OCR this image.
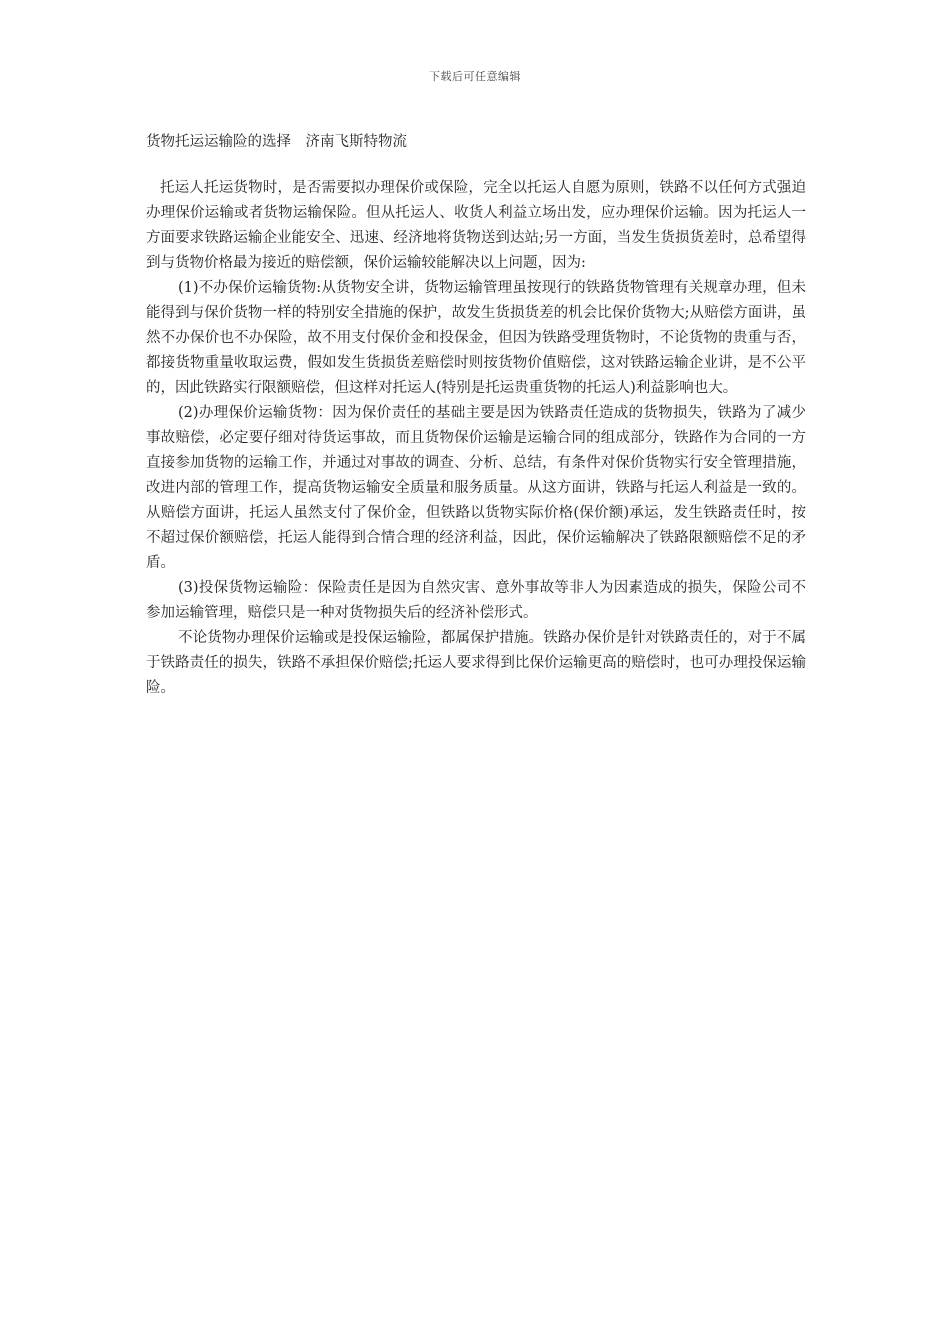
下载后可任意编辑
货物托运运输险的选择　济南飞斯特物流

托运人托运货物时，是否需要拟办理保价或保险，完全以托运人自愿为原则，铁路不以任何方式强迫办理保价运输或者货物运输保险。但从托运人、收货人利益立场出发，应办理保价运输。因为托运人一方面要求铁路运输企业能安全、迅速、经济地将货物送到达站;另一方面，当发生货损货差时，总希望得到与货物价格最为接近的赔偿额，保价运输较能解决以上问题，因为:

(1)不办保价运输货物:从货物安全讲，货物运输管理虽按现行的铁路货物管理有关规章办理，但未能得到与保价货物一样的特别安全措施的保护，故发生货损货差的机会比保价货物大;从赔偿方面讲，虽然不办保价也不办保险，故不用支付保价金和投保金，但因为铁路受理货物时，不论货物的贵重与否，都接货物重量收取运费，假如发生货损货差赔偿时则按货物价值赔偿，这对铁路运输企业讲，是不公平的，因此铁路实行限额赔偿，但这样对托运人(特别是托运贵重货物的托运人)利益影响也大。

(2)办理保价运输货物：因为保价责任的基础主要是因为铁路责任造成的货物损失，铁路为了减少事故赔偿，必定要仔细对待货运事故，而且货物保价运输是运输合同的组成部分，铁路作为合同的一方直接参加货物的运输工作，并通过对事故的调查、分析、总结，有条件对保价货物实行安全管理措施，改进内部的管理工作，提高货物运输安全质量和服务质量。从这方面讲，铁路与托运人利益是一致的。从赔偿方面讲，托运人虽然支付了保价金，但铁路以货物实际价格(保价额)承运，发生铁路责任时，按不超过保价额赔偿，托运人能得到合情合理的经济利益，因此，保价运输解决了铁路限额赔偿不足的矛盾。

(3)投保货物运输险：保险责任是因为自然灾害、意外事故等非人为因素造成的损失，保险公司不参加运输管理，赔偿只是一种对货物损失后的经济补偿形式。

不论货物办理保价运输或是投保运输险，都属保护措施。铁路办保价是针对铁路责任的，对于不属于铁路责任的损失，铁路不承担保价赔偿;托运人要求得到比保价运输更高的赔偿时，也可办理投保运输险。
